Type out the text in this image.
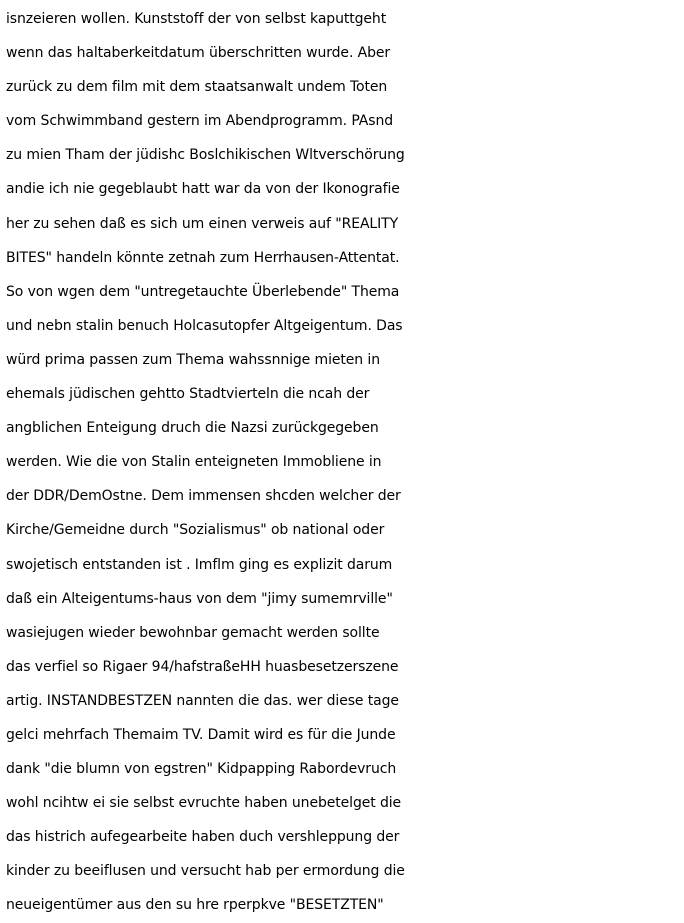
isnzeieren wollen. Kunststoff der von selbst kaputtgeht
wenn das haltaberkeitdatum überschritten wurde. Aber
zurück zu dem film mit dem staatsanwalt undem Toten
vom Schwimmband gestern im Abendprogramm. PAsnd
zu mien Tham der jüdishc Boslchikischen Wltverschörung
andie ich nie gegeblaubt hatt war da von der Ikonografie
her zu sehen daß es sich um einen verweis auf "REALITY
BITES" handeln könnte zetnah zum Herrhausen-Attentat.
So von wgen dem "untregetauchte Überlebende" Thema
und nebn stalin benuch Holcasutopfer Altgeigentum. Das
würd prima passen zum Thema wahssnnige mieten in
ehemals jüdischen gehtto Stadtvierteln die ncah der
angblichen Enteigung druch die Nazsi zurückgegeben
werden. Wie die von Stalin enteigneten Immobliene in
der DDR/DemOstne. Dem immensen shcden welcher der
Kirche/Gemeidne durch "Sozialismus" ob national oder
swojetisch entstanden ist . Imflm ging es explizit darum
daß ein Alteigentums-haus von dem "jimy sumemrville"
wasiejugen wieder bewohnbar gemacht werden sollte
das verfiel so Rigaer 94/hafstraßeHH huasbesetzerszene
artig. INSTANDBESTZEN nannten die das. wer diese tage
gelci mehrfach Themaim TV. Damit wird es für die Junde
dank "die blumn von egstren" Kidpapping Rabordevruch
wohl ncihtw ei sie selbst evruchte haben unebetelget die
das histrich aufegearbeite haben duch vershleppung der
kinder zu beeiflusen und versucht hab per ermordung die
neueigentümer aus den su hre rperpkve "BESETZTEN"
